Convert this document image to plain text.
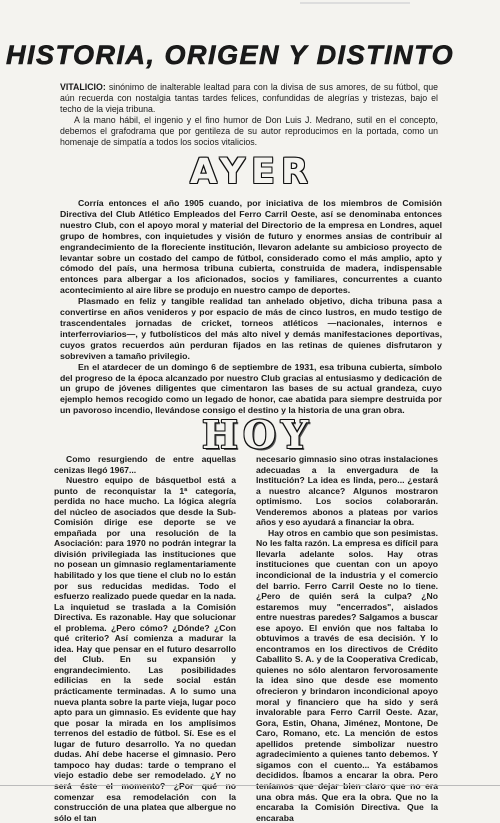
HISTORIA, ORIGEN Y DISTINTO

VITALICIO: sinónimo de inalterable lealtad para con la divisa de sus amores, de su fútbol, que aún recuerda con nostalgia tantas tardes felices, confundidas de alegrías y tristezas, bajo el techo de la vieja tribuna.

A la mano hábil, el ingenio y el fino humor de Don Luis J. Medrano, sutil en el concepto, debemos el grafodrama que por gentileza de su autor reproducimos en la portada, como un homenaje de simpatía a todos los socios vitalicios.

AYER

Corría entonces el año 1905 cuando, por iniciativa de los miembros de Comisión Directiva del Club Atlético Empleados del Ferro Carril Oeste, así se denominaba entonces nuestro Club, con el apoyo moral y material del Directorio de la empresa en Londres, aquel grupo de hombres, con inquietudes y visión de futuro y enormes ansias de contribuir al engrandecimiento de la floreciente institución, llevaron adelante su ambicioso proyecto de levantar sobre un costado del campo de fútbol, considerado como el más amplio, apto y cómodo del país, una hermosa tribuna cubierta, construida de madera, indispensable entonces para albergar a los aficionados, socios y familiares, concurrentes a cuanto acontecimiento al aire libre se produjo en nuestro campo de deportes.

Plasmado en feliz y tangible realidad tan anhelado objetivo, dicha tribuna pasa a convertirse en años venideros y por espacio de más de cinco lustros, en mudo testigo de trascendentales jornadas de cricket, torneos atléticos —nacionales, internos e interferroviarios—, y futbolísticos del más alto nivel y demás manifestaciones deportivas, cuyos gratos recuerdos aún perduran fijados en las retinas de quienes disfrutaron y sobreviven a tamaño privilegio.

En el atardecer de un domingo 6 de septiembre de 1931, esa tribuna cubierta, símbolo del progreso de la época alcanzado por nuestro Club gracias al entusiasmo y dedicación de un grupo de jóvenes diligentes que cimentaron las bases de su actual grandeza, cuyo ejemplo hemos recogido como un legado de honor, cae abatida para siempre destruida por un pavoroso incendio, llevándose consigo el destino y la historia de una gran obra.

HOY

Como resurgiendo de entre aquellas cenizas llegó 1967...

Nuestro equipo de básquetbol está a punto de reconquistar la 1ª categoría, perdida no hace mucho. La lógica alegría del núcleo de asociados que desde la Sub-Comisión dirige ese deporte se ve empañada por una resolución de la Asociación: para 1970 no podrán integrar la división privilegiada las instituciones que no posean un gimnasio reglamentariamente habilitado y los que tiene el club no lo están por sus reducidas medidas. Todo el esfuerzo realizado puede quedar en la nada. La inquietud se traslada a la Comisión Directiva. Es razonable. Hay que solucionar el problema. ¿Pero cómo? ¿Dónde? ¿Con qué criterio? Así comienza a madurar la idea. Hay que pensar en el futuro desarrollo del Club. En su expansión y engrandecimiento. Las posibilidades edilicias en la sede social están prácticamente terminadas. A lo sumo una nueva planta sobre la parte vieja, lugar poco apto para un gimnasio. Es evidente que hay que posar la mirada en los amplísimos terrenos del estadio de fútbol. Sí. Ese es el lugar de futuro desarrollo. Ya no quedan dudas. Ahí debe hacerse el gimnasio. Pero tampoco hay dudas: tarde o temprano el viejo estadio debe ser remodelado. ¿Y no comenzar esa remodelación con la construcción de una platea que albergue no sólo el tan

necesario gimnasio sino otras instalaciones adecuadas a la envergadura de la Institución? La idea es linda, pero... ¿estará a nuestro alcance? Algunos mostraron optimismo. Los socios colaborarán. Venderemos abonos a plateas por varios años y eso ayudará a financiar la obra.

Hay otros en cambio que son pesimistas. No les falta razón. La empresa es difícil para llevarla adelante solos. Hay otras instituciones que cuentan con un apoyo incondicional de la industria y el comercio del barrio. Ferro Carril Oeste no lo tiene. ¿Pero de quién será la culpa? ¿No estaremos muy "encerrados", aislados entre nuestras paredes? Salgamos a buscar ese apoyo. El envión que nos faltaba lo obtuvimos a través de esa decisión. Y lo encontramos en los directivos de Crédito Caballito S. A. y de la Cooperativa Credicab, quienes no sólo alentaron fervorosamente la idea sino que desde ese momento ofrecieron y brindaron incondicional apoyo moral y financiero que ha sido y será invalorable para Ferro Carril Oeste. Azar, Gora, Estin, Ohana, Jiménez, Montone, De Caro, Romano, etc. La mención de estos apellidos pretende simbolizar nuestro agradecimiento a quienes tanto debemos. Y sigamos con el cuento... Ya estábamos decididos. Íbamos a encarar la obra. Pero una obra más. Que era la obra. Que no la encaraba la Comisión Directiva. Que la encaraba
